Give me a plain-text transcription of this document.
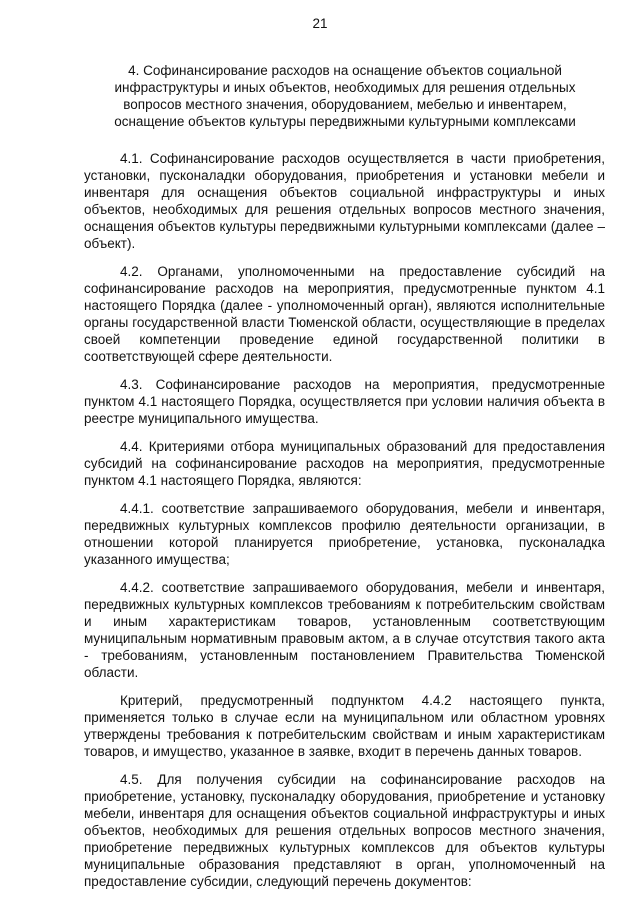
21
4. Софинансирование расходов на оснащение объектов социальной инфраструктуры и иных объектов, необходимых для решения отдельных вопросов местного значения, оборудованием, мебелью и инвентарем, оснащение объектов культуры передвижными культурными комплексами

4.1. Софинансирование расходов осуществляется в части приобретения, установки, пусконаладки оборудования, приобретения и установки мебели и инвентаря для оснащения объектов социальной инфраструктуры и иных объектов, необходимых для решения отдельных вопросов местного значения, оснащения объектов культуры передвижными культурными комплексами (далее – объект).

4.2. Органами, уполномоченными на предоставление субсидий на софинансирование расходов на мероприятия, предусмотренные пунктом 4.1 настоящего Порядка (далее - уполномоченный орган), являются исполнительные органы государственной власти Тюменской области, осуществляющие в пределах своей компетенции проведение единой государственной политики в соответствующей сфере деятельности.

4.3. Софинансирование расходов на мероприятия, предусмотренные пунктом 4.1 настоящего Порядка, осуществляется при условии наличия объекта в реестре муниципального имущества.

4.4. Критериями отбора муниципальных образований для предоставления субсидий на софинансирование расходов на мероприятия, предусмотренные пунктом 4.1 настоящего Порядка, являются:

4.4.1. соответствие запрашиваемого оборудования, мебели и инвентаря, передвижных культурных комплексов профилю деятельности организации, в отношении которой планируется приобретение, установка, пусконаладка указанного имущества;

4.4.2. соответствие запрашиваемого оборудования, мебели и инвентаря, передвижных культурных комплексов требованиям к потребительским свойствам и иным характеристикам товаров, установленным соответствующим муниципальным нормативным правовым актом, а в случае отсутствия такого акта - требованиям, установленным постановлением Правительства Тюменской области.

Критерий, предусмотренный подпунктом 4.4.2 настоящего пункта, применяется только в случае если на муниципальном или областном уровнях утверждены требования к потребительским свойствам и иным характеристикам товаров, и имущество, указанное в заявке, входит в перечень данных товаров.

4.5. Для получения субсидии на софинансирование расходов на приобретение, установку, пусконаладку оборудования, приобретение и установку мебели, инвентаря для оснащения объектов социальной инфраструктуры и иных объектов, необходимых для решения отдельных вопросов местного значения, приобретение передвижных культурных комплексов для объектов культуры муниципальные образования представляют в орган, уполномоченный на предоставление субсидии, следующий перечень документов:
